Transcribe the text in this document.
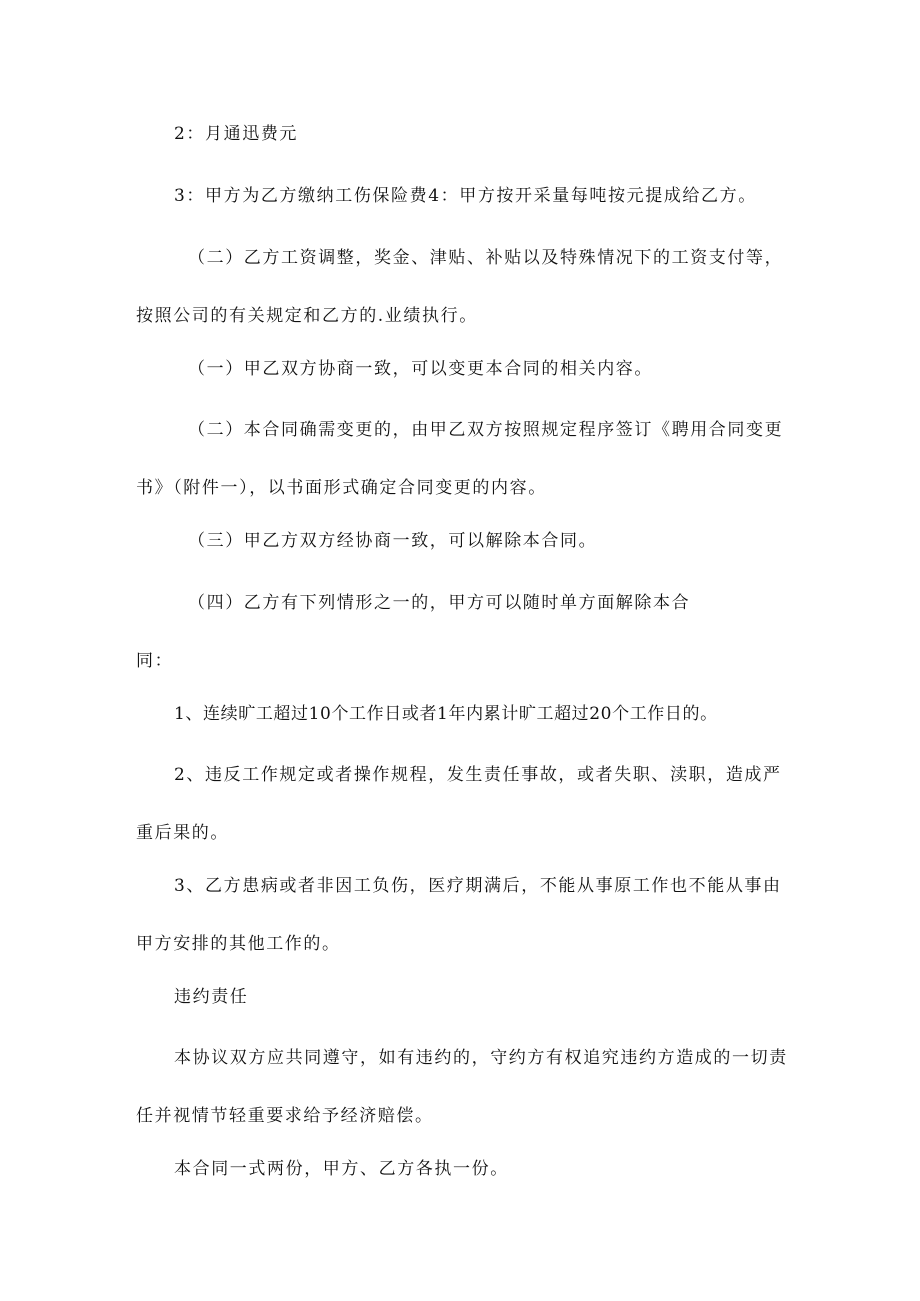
2：月通迅费元

3：甲方为乙方缴纳工伤保险费4：甲方按开采量每吨按元提成给乙方。

（二）乙方工资调整，奖金、津贴、补贴以及特殊情况下的工资支付等，
按照公司的有关规定和乙方的.业绩执行。

（一）甲乙双方协商一致，可以变更本合同的相关内容。

（二）本合同确需变更的，由甲乙双方按照规定程序签订《聘用合同变更
书》（附件一），以书面形式确定合同变更的内容。

（三）甲乙方双方经协商一致，可以解除本合同。

（四）乙方有下列情形之一的，甲方可以随时单方面解除本合
同：

1、连续旷工超过10个工作日或者1年内累计旷工超过20个工作日的。

2、违反工作规定或者操作规程，发生责任事故，或者失职、渎职，造成严
重后果的。

3、乙方患病或者非因工负伤，医疗期满后，不能从事原工作也不能从事由
甲方安排的其他工作的。

违约责任

本协议双方应共同遵守，如有违约的，守约方有权追究违约方造成的一切责
任并视情节轻重要求给予经济赔偿。

本合同一式两份，甲方、乙方各执一份。
